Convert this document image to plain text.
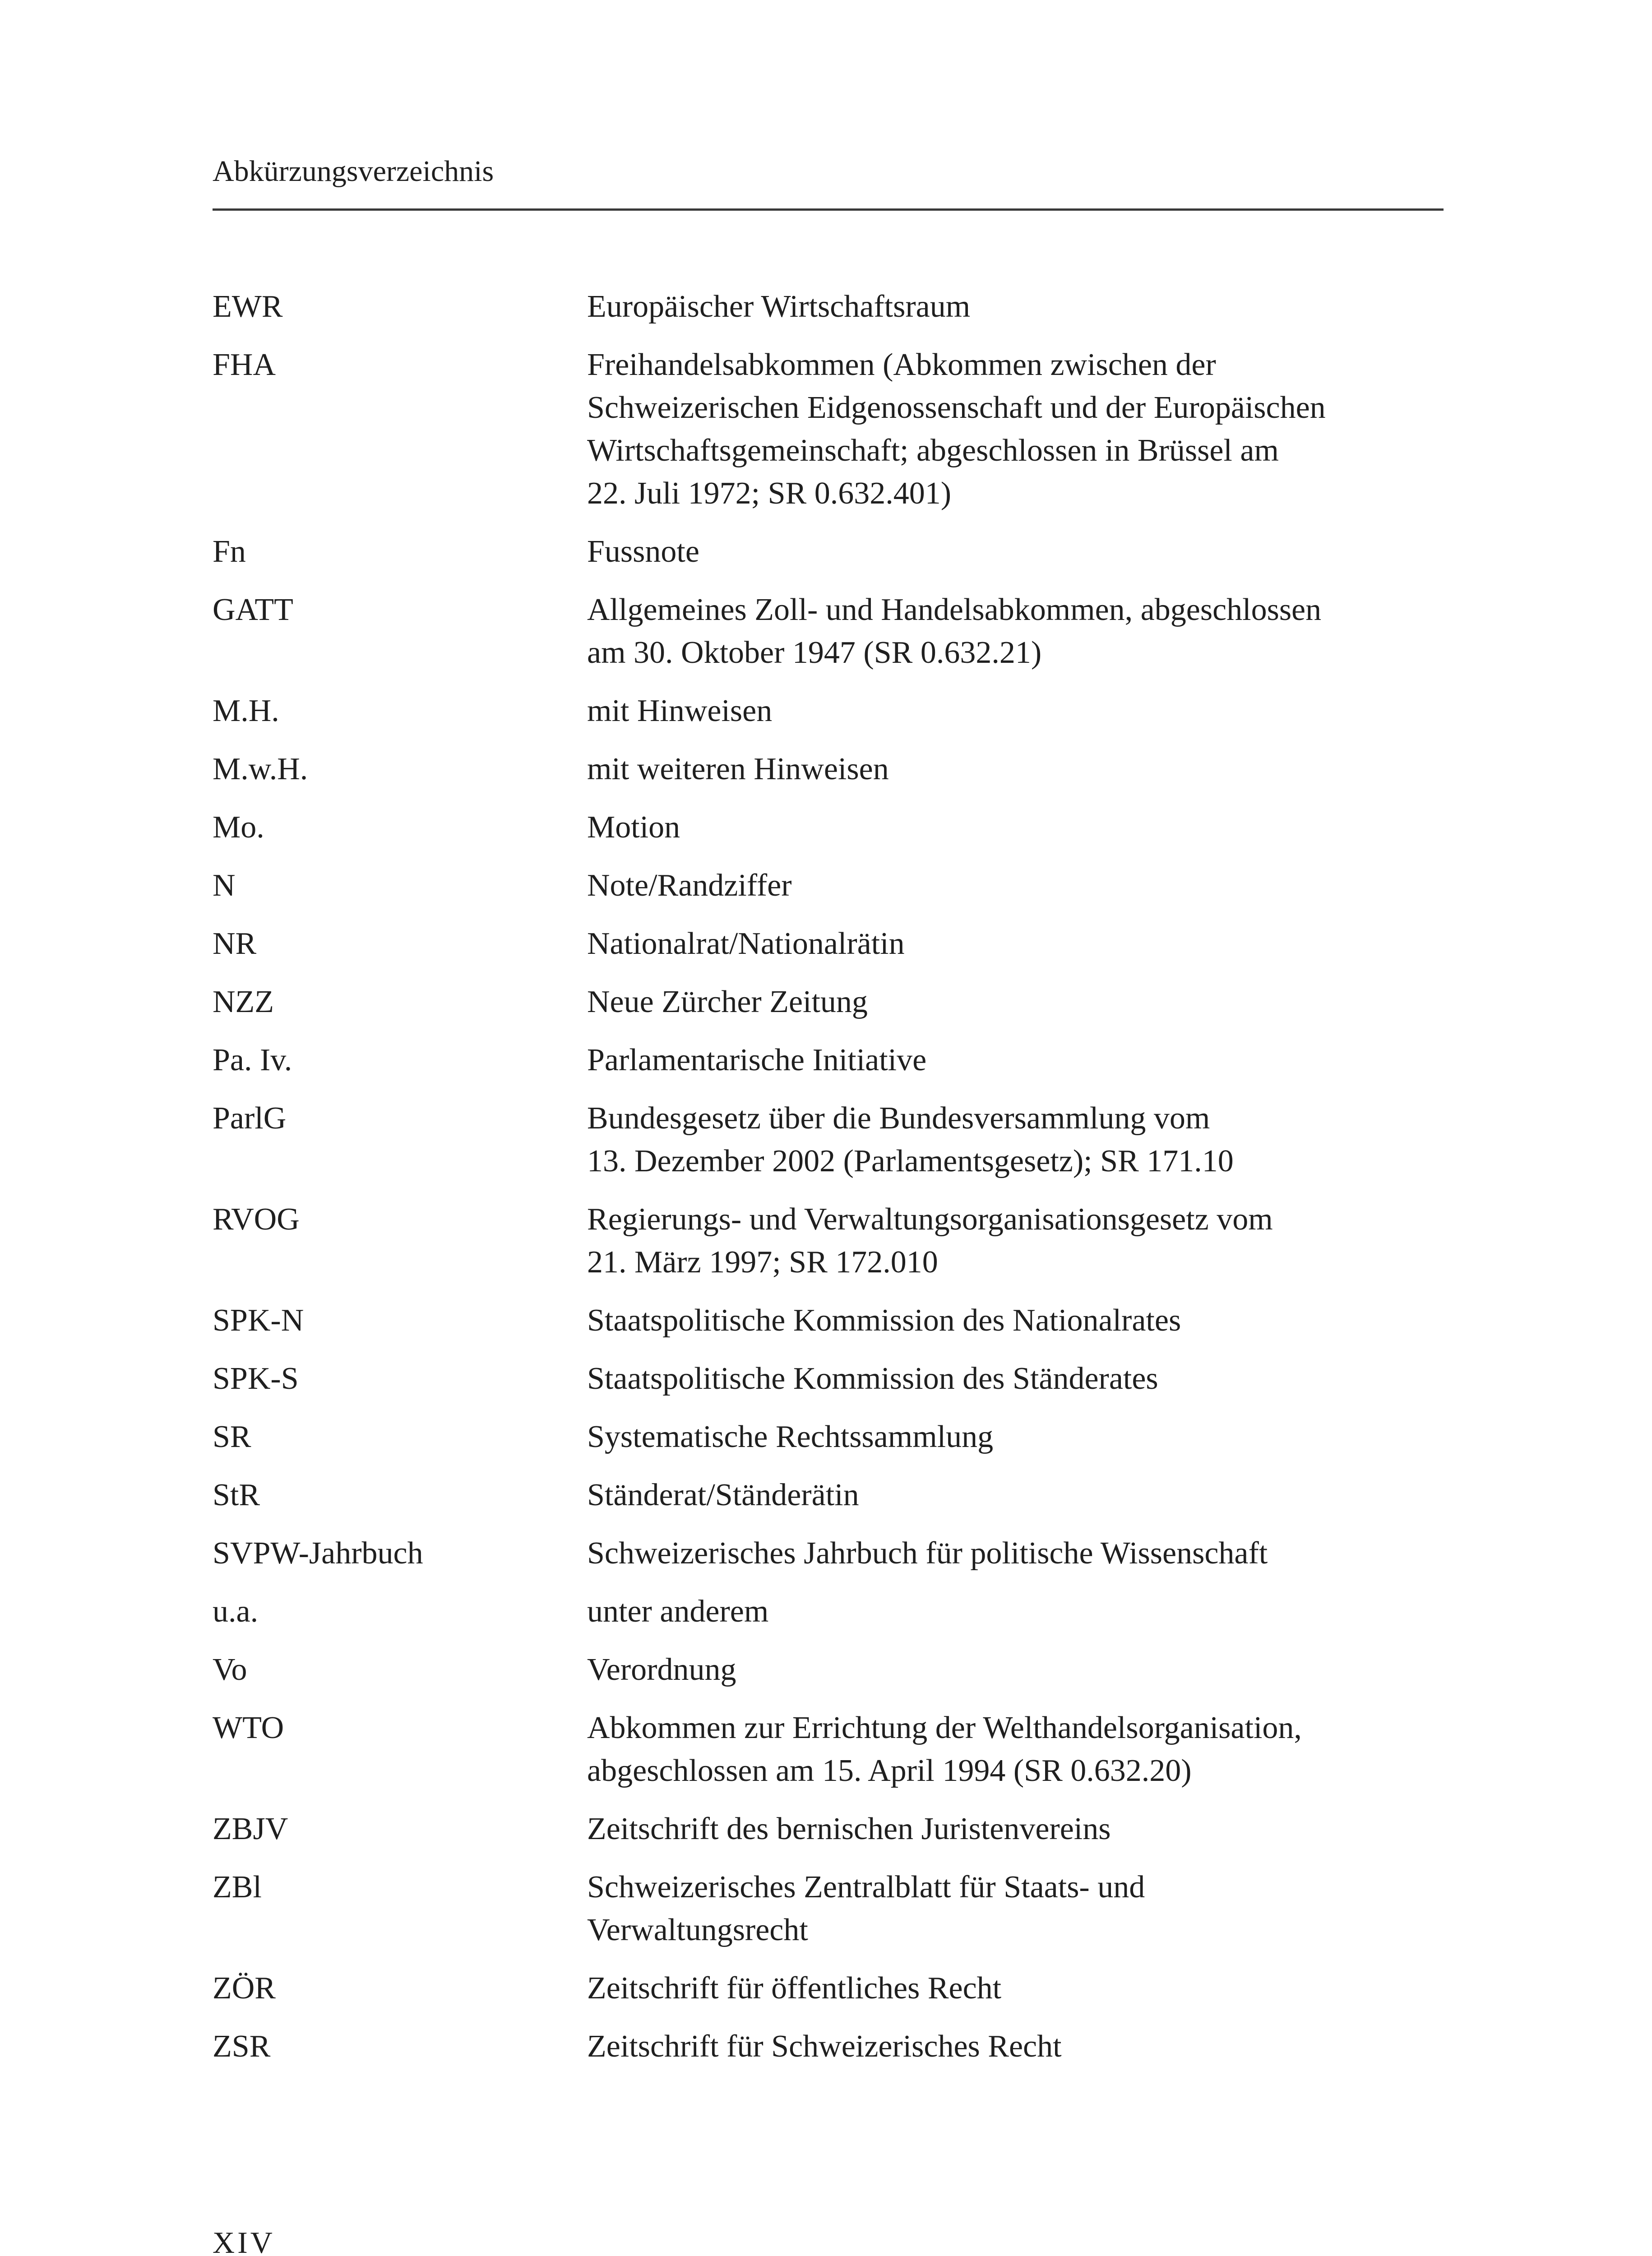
Abkürzungsverzeichnis
EWR	Europäischer Wirtschaftsraum
FHA	Freihandelsabkommen (Abkommen zwischen der
Schweizerischen Eidgenossenschaft und der Europäischen
Wirtschaftsgemeinschaft; abgeschlossen in Brüssel am
22. Juli 1972; SR 0.632.401)
Fn	Fussnote
GATT	Allgemeines Zoll- und Handelsabkommen, abgeschlossen
am 30. Oktober 1947 (SR 0.632.21)
M.H.	mit Hinweisen
M.w.H.	mit weiteren Hinweisen
Mo.	Motion
N	Note/Randziffer
NR	Nationalrat/Nationalrätin
NZZ	Neue Zürcher Zeitung
Pa. Iv.	Parlamentarische Initiative
ParlG	Bundesgesetz über die Bundesversammlung vom
13. Dezember 2002 (Parlamentsgesetz); SR 171.10
RVOG	Regierungs- und Verwaltungsorganisationsgesetz vom
21. März 1997; SR 172.010
SPK-N	Staatspolitische Kommission des Nationalrates
SPK-S	Staatspolitische Kommission des Ständerates
SR	Systematische Rechtssammlung
StR	Ständerat/Ständerätin
SVPW-Jahrbuch	Schweizerisches Jahrbuch für politische Wissenschaft
u.a.	unter anderem
Vo	Verordnung
WTO	Abkommen zur Errichtung der Welthandelsorganisation,
abgeschlossen am 15. April 1994 (SR 0.632.20)
ZBJV	Zeitschrift des bernischen Juristenvereins
ZBl	Schweizerisches Zentralblatt für Staats- und
Verwaltungsrecht
ZÖR	Zeitschrift für öffentliches Recht
ZSR	Zeitschrift für Schweizerisches Recht
XIV
